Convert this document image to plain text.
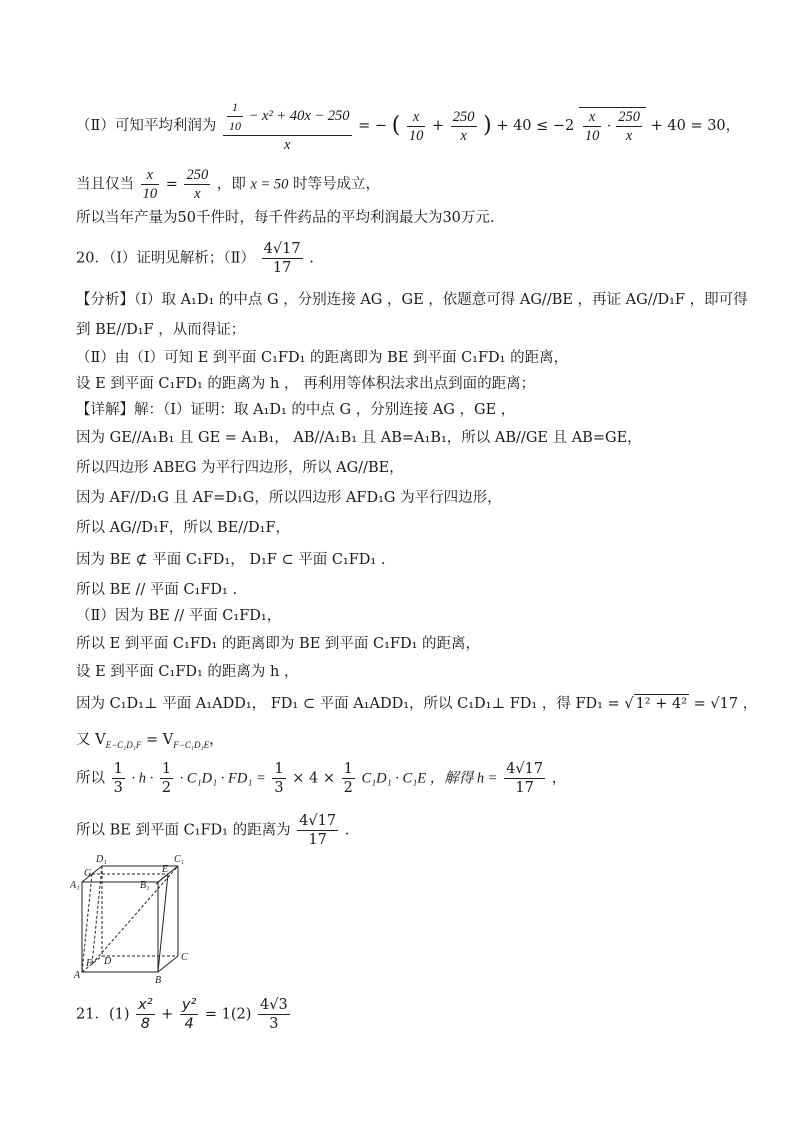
（Ⅱ）可知平均利润为 $\frac{\frac{1}{10} - x^2 + 40x - 250}{x}$ = − ( $\frac{x}{10} + \frac{250}{x}$ ) + $40 \le -2 \frac{x}{10} \cdot \frac{250}{x} + 40 = 30$，
当且仅当 $\frac{x}{10} = \frac{250}{x}$ ，即 x = 50 时等号成立，
所以当年产量为50千件时，每千件药品的平均利润最大为30万元.
20．（Ⅰ）证明见解析；（Ⅱ） $\frac{4√17}{17}$ .
【分析】（Ⅰ）取 A₁D₁ 的中点 G ，分别连接 AG ，GE ，依题意可得 AG//BE ，再证 AG//D₁F ，即可得
到 BE//D₁F ，从而得证；
（Ⅱ）由（Ⅰ）可知 E 到平面 C₁FD₁ 的距离即为 BE 到平面 C₁FD₁ 的距离，
设 E 到平面 C₁FD₁ 的距离为 h ， 再利用等体积法求出点到面的距离；
【详解】解：（Ⅰ）证明：取 A₁D₁ 的中点 G ，分别连接 AG ，GE ，
因为 GE//A₁B₁ 且 GE = A₁B₁， AB//A₁B₁ 且 AB=A₁B₁，所以 AB//GE 且 AB=GE，
所以四边形 ABEG 为平行四边形，所以 AG//BE，
因为 AF//D₁G 且 AF=D₁G，所以四边形 AFD₁G 为平行四边形，
所以 AG//D₁F，所以 BE//D₁F，
因为 BE ⊄ 平面 C₁FD₁， D₁F ⊂ 平面 C₁FD₁ .
所以 BE // 平面 C₁FD₁ .
（Ⅱ）因为 BE // 平面 C₁FD₁，
所以 E 到平面 C₁FD₁ 的距离即为 BE 到平面 C₁FD₁ 的距离，
设 E 到平面 C₁FD₁ 的距离为 h ，
因为 C₁D₁⊥ 平面 A₁ADD₁， FD₁ ⊂ 平面 A₁ADD₁，所以 C₁D₁⊥ FD₁ ，得 FD₁ = √ 1² + 4² = √17 ，
又 $V_{E-C_1D_1F} = V_{F-C_1D_1E}$，
所以 $\frac{1}{3} \cdot h \cdot \frac{1}{2} \cdot C_1D_1 \cdot FD_1 = \frac{1}{3} \times 4 \times \frac{1}{2} C_1D_1 \cdot C_1E$ ，解得 $h = \frac{4√17}{17}$ ，
所以 BE 到平面 C₁FD₁ 的距离为 $\frac{4√17}{17}$ .
D₁	C₁
G	E
A₁	B₁
D	C
F
A	B
21．$(1) \frac{\text{x²}}{8} + \frac{\text{y²}}{4} = 1(2) \frac{4√3}{3}$
